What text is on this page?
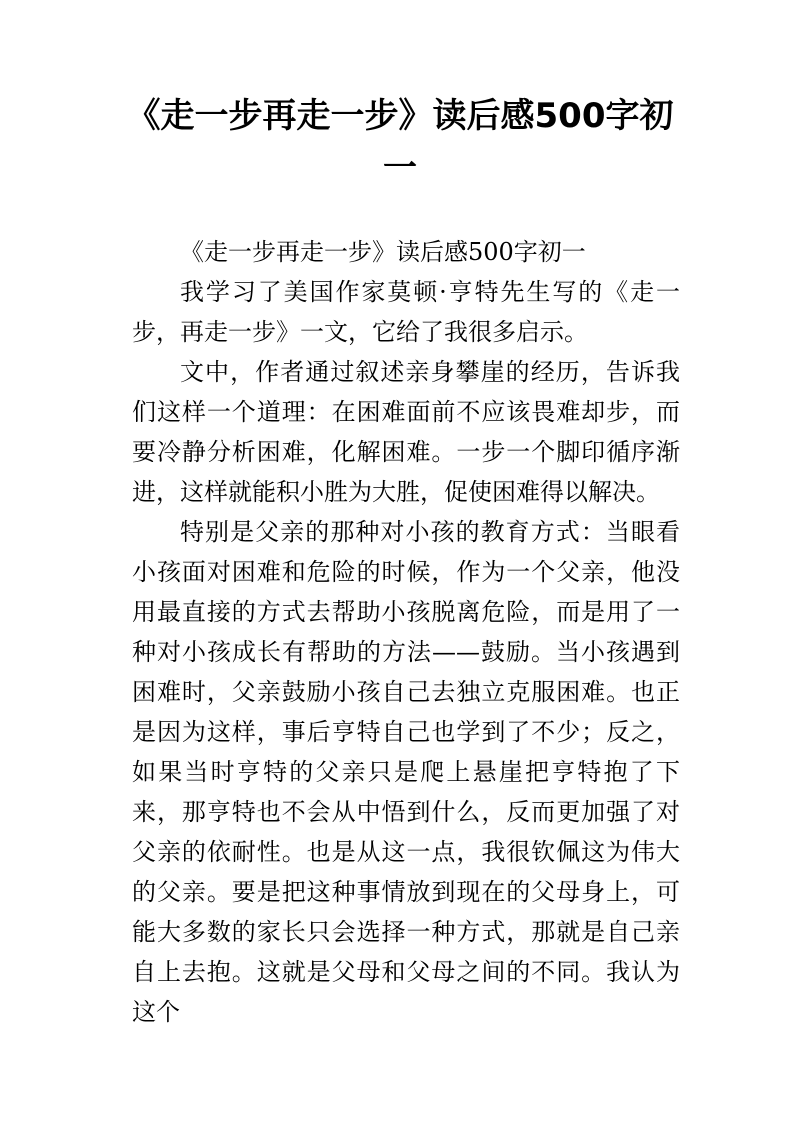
《走一步再走一步》读后感500字初一

《走一步再走一步》读后感500字初一

我学习了美国作家莫顿·亨特先生写的《走一步，再走一步》一文，它给了我很多启示。

文中，作者通过叙述亲身攀崖的经历，告诉我们这样一个道理：在困难面前不应该畏难却步，而要冷静分析困难，化解困难。一步一个脚印循序渐进，这样就能积小胜为大胜，促使困难得以解决。

特别是父亲的那种对小孩的教育方式：当眼看小孩面对困难和危险的时候，作为一个父亲，他没用最直接的方式去帮助小孩脱离危险，而是用了一种对小孩成长有帮助的方法——鼓励。当小孩遇到困难时，父亲鼓励小孩自己去独立克服困难。也正是因为这样，事后亨特自己也学到了不少；反之，如果当时亨特的父亲只是爬上悬崖把亨特抱了下来，那亨特也不会从中悟到什么，反而更加强了对父亲的依耐性。也是从这一点，我很钦佩这为伟大的父亲。要是把这种事情放到现在的父母身上，可能大多数的家长只会选择一种方式，那就是自己亲自上去抱。这就是父母和父母之间的不同。我认为这个
